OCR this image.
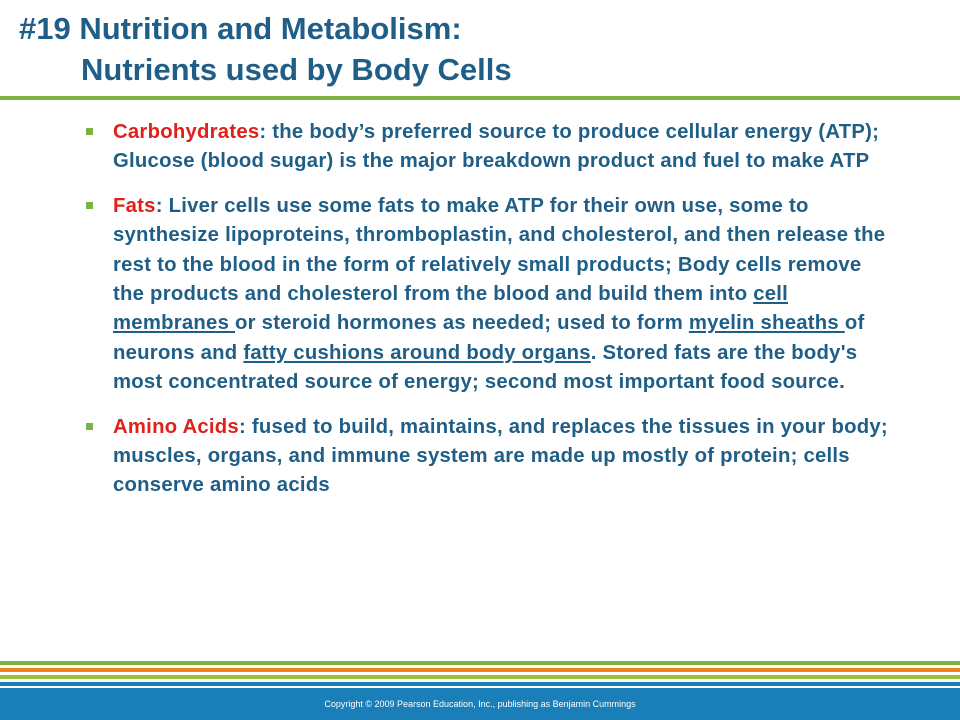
#19 Nutrition and Metabolism:
Nutrients used by Body Cells
Carbohydrates: the body’s preferred source to produce cellular energy (ATP); Glucose (blood sugar) is the major breakdown product and fuel to make ATP
Fats: Liver cells use some fats to make ATP for their own use, some to synthesize lipoproteins, thromboplastin, and cholesterol, and then release the rest to the blood in the form of relatively small products; Body cells remove the products and cholesterol from the blood and build them into cell membranes or steroid hormones as needed; used to form myelin sheaths of neurons and fatty cushions around body organs. Stored fats are the body's most concentrated source of energy; second most important food source.
Amino Acids: fused to build, maintains, and replaces the tissues in your body; muscles, organs, and immune system are made up mostly of protein; cells conserve amino acids
Copyright © 2009 Pearson Education, Inc., publishing as Benjamin Cummings
